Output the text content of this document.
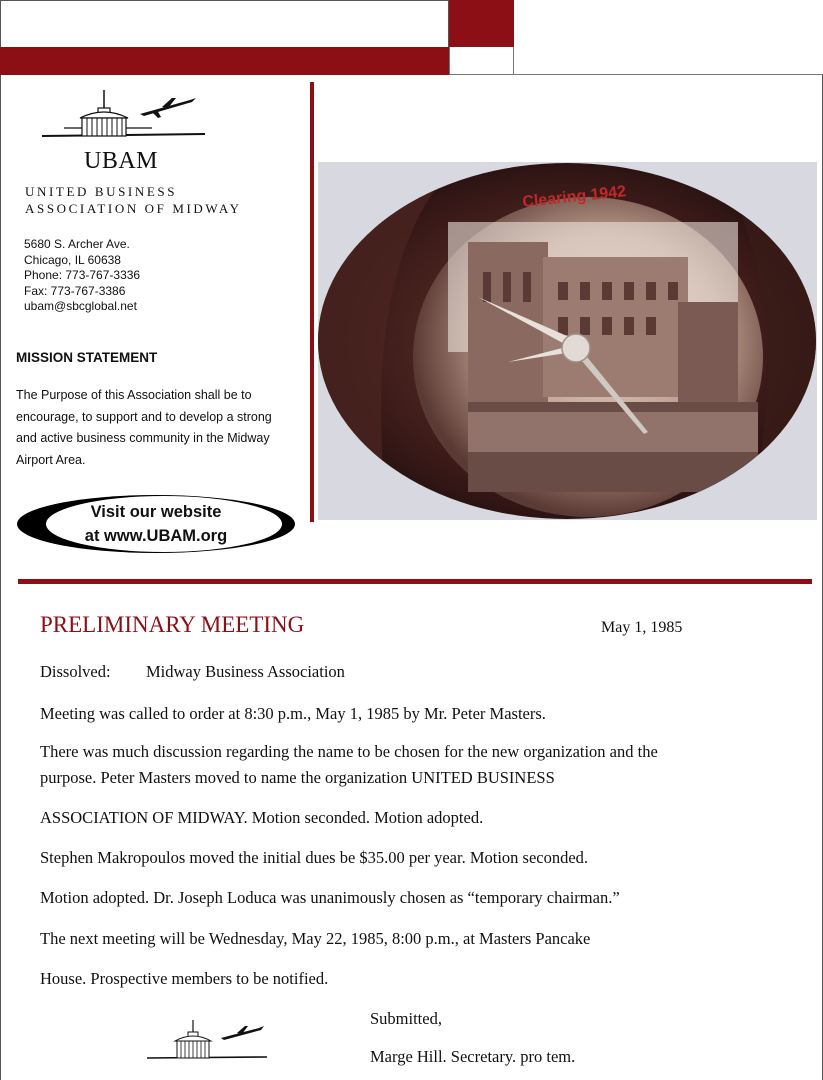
UBAM
UNITED BUSINESS
ASSOCIATION OF MIDWAY
5680 S. Archer Ave.
Chicago, IL 60638
Phone: 773-767-3336
Fax: 773-767-3386
ubam@sbcglobal.net
MISSION STATEMENT
The Purpose of this Association shall be to encourage, to support and to develop a strong and active business community in the Midway Airport Area.
Visit our website
at www.UBAM.org
Clearing 1942
PRELIMINARY MEETING	May 1, 1985
Dissolved: Midway Business Association
Meeting was called to order at 8:30 p.m., May 1, 1985 by Mr. Peter Masters.
There was much discussion regarding the name to be chosen for the new organization and the
purpose. Peter Masters moved to name the organization UNITED BUSINESS
ASSOCIATION OF MIDWAY. Motion seconded. Motion adopted.
Stephen Makropoulos moved the initial dues be $35.00 per year. Motion seconded.
Motion adopted. Dr. Joseph Loduca was unanimously chosen as “temporary chairman.”
The next meeting will be Wednesday, May 22, 1985, 8:00 p.m., at Masters Pancake
House. Prospective members to be notified.
Submitted,
Marge Hill. Secretary. pro tem.
